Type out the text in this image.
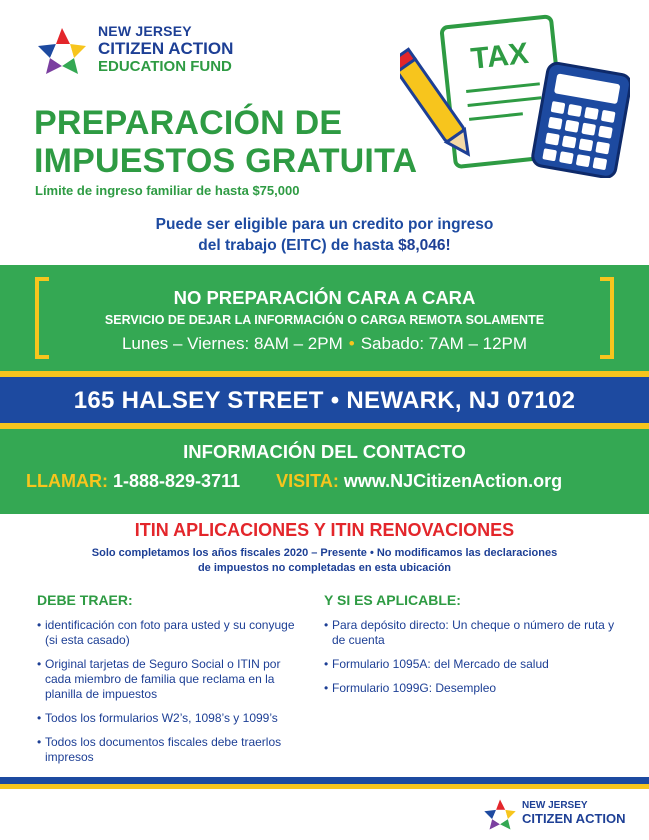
NEW JERSEY
CITIZEN ACTION
EDUCATION FUND	TAX
PREPARACIÓN DE
IMPUESTOS GRATUITA
Límite de ingreso familiar de hasta $75,000
Puede ser eligible para un credito por ingreso
del trabajo (EITC) de hasta $8,046!
NO PREPARACIÓN CARA A CARA
SERVICIO DE DEJAR LA INFORMACIÓN O CARGA REMOTA SOLAMENTE
Lunes – Viernes: 8AM – 2PM • Sabado: 7AM – 12PM
165 HALSEY STREET • NEWARK, NJ 07102
INFORMACIÓN DEL CONTACTO
LLAMAR: 1-888-829-3711 VISITA: www.NJCitizenAction.org
ITIN APLICACIONES Y ITIN RENOVACIONES
Solo completamos los años fiscales 2020 – Presente • No modificamos las declaraciones
de impuestos no completadas en esta ubicación
DEBE TRAER:
• identificación con foto para usted y su conyuge (si esta casado)
• Original tarjetas de Seguro Social o ITIN por cada miembro de familia que reclama en la planilla de impuestos
• Todos los formularios W2’s, 1098’s y 1099’s
• Todos los documentos fiscales debe traerlos impresos
Y SI ES APLICABLE:
• Para depósito directo: Un cheque o número de ruta y de cuenta
• Formulario 1095A: del Mercado de salud
• Formulario 1099G: Desempleo
NEW JERSEY
CITIZEN ACTION
